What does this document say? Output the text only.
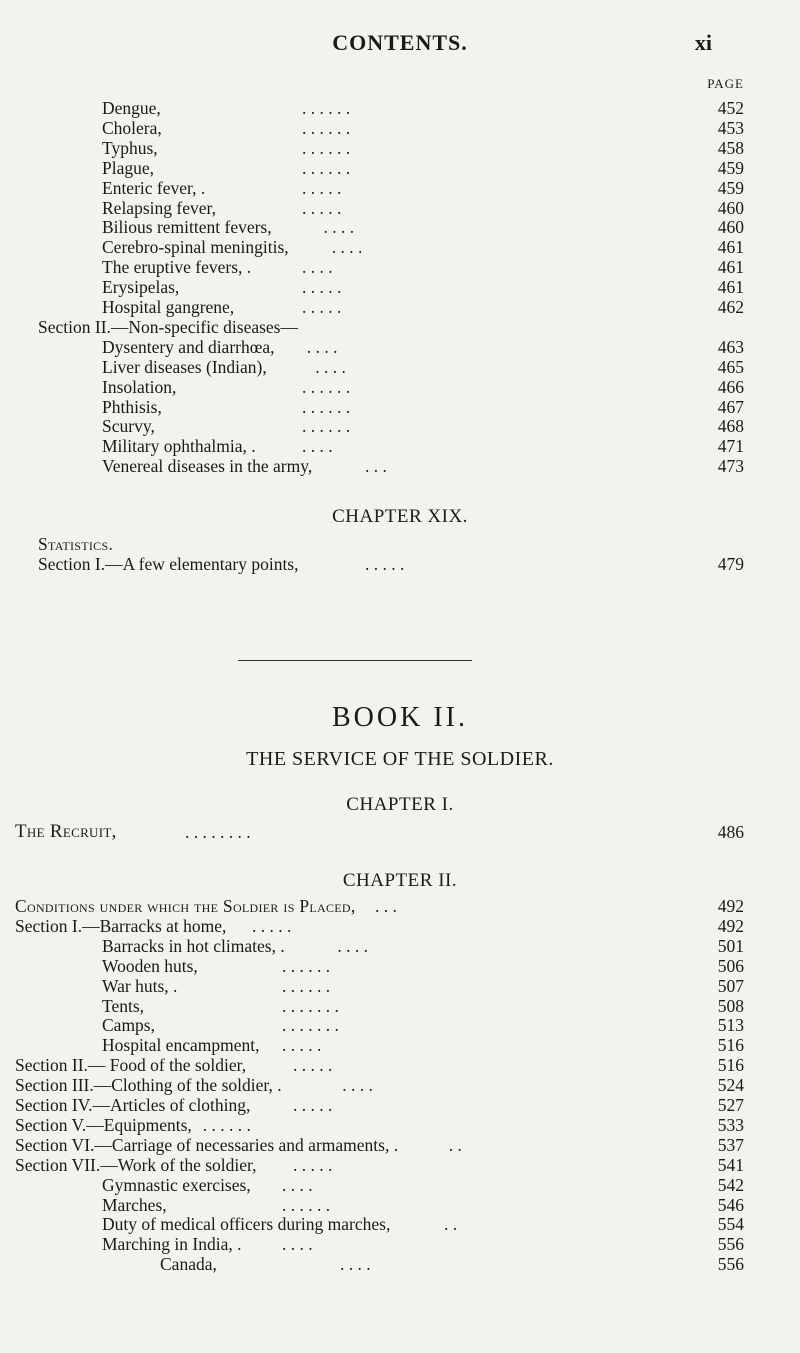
CONTENTS.	xi
PAGE
Dengue,	. . . . . .	452
Cholera,	. . . . . .	453
Typhus,	. . . . . .	458
Plague,	. . . . . .	459
Enteric fever, .	. . . . .	459
Relapsing fever,	. . . . .	460
Bilious remittent fevers,	. . . .	460
Cerebro-spinal meningitis, . . . .	461
The eruptive fevers, .	. . . .	461
Erysipelas,	. . . . .	461
Hospital gangrene,	. . . . .	462
Section II.—Non-specific diseases—
Dysentery and diarrhœa, . . . .	463
Liver diseases (Indian),	. . . .	465
Insolation,	. . . . . .	466
Phthisis,	. . . . . .	467
Scurvy,	. . . . . .	468
Military ophthalmia, .	. . . .	471
Venereal diseases in the army,	. . .	473
CHAPTER XIX.
Statistics.
Section I.—A few elementary points,	. . . . .	479
BOOK II.
THE SERVICE OF THE SOLDIER.
CHAPTER I.
The Recruit,	. . . . . . . .	486
CHAPTER II.
Conditions under which the Soldier is Placed, . . .	492
Section I.—Barracks at home, . . . . .	492
Barracks in hot climates, .	. . . .	501
Wooden huts,	. . . . . .	506
War huts, .	. . . . . .	507
Tents,	. . . . . . .	508
Camps,	. . . . . . .	513
Hospital encampment, . . . . .	516
Section II.— Food of the soldier,	. . . . .	516
Section III.—Clothing of the soldier, .	. . . .	524
Section IV.—Articles of clothing, . . . . .	527
Section V.—Equipments, . . . . . .	533
Section VI.—Carriage of necessaries and armaments, .	. .	537
Section VII.—Work of the soldier, . . . . .	541
Gymnastic exercises, . . . .	542
Marches,	. . . . . .	546
Duty of medical officers during marches,	. .	554
Marching in India, . . . . .	556
Canada,	. . . .	556
